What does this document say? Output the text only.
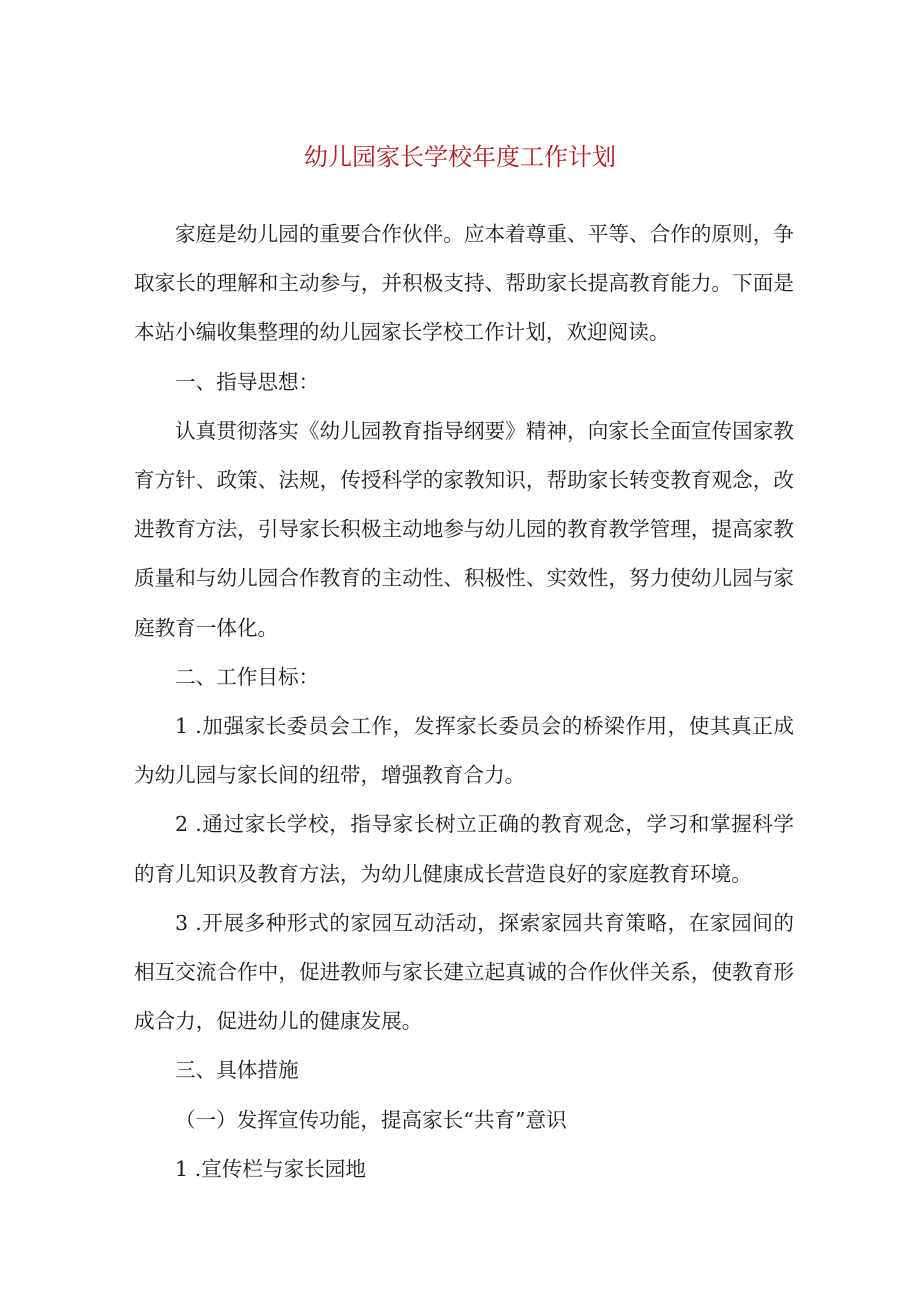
幼儿园家长学校年度工作计划

家庭是幼儿园的重要合作伙伴。应本着尊重、平等、合作的原则，争取家长的理解和主动参与，并积极支持、帮助家长提高教育能力。下面是本站小编收集整理的幼儿园家长学校工作计划，欢迎阅读。

一、指导思想：

认真贯彻落实《幼儿园教育指导纲要》精神，向家长全面宣传国家教育方针、政策、法规，传授科学的家教知识，帮助家长转变教育观念，改进教育方法，引导家长积极主动地参与幼儿园的教育教学管理，提高家教质量和与幼儿园合作教育的主动性、积极性、实效性，努力使幼儿园与家庭教育一体化。

二、工作目标：

1 .加强家长委员会工作，发挥家长委员会的桥梁作用，使其真正成为幼儿园与家长间的纽带，增强教育合力。

2 .通过家长学校，指导家长树立正确的教育观念，学习和掌握科学的育儿知识及教育方法，为幼儿健康成长营造良好的家庭教育环境。

3 .开展多种形式的家园互动活动，探索家园共育策略，在家园间的相互交流合作中，促进教师与家长建立起真诚的合作伙伴关系，使教育形成合力，促进幼儿的健康发展。

三、具体措施

（一）发挥宣传功能，提高家长“共育”意识

1 .宣传栏与家长园地
